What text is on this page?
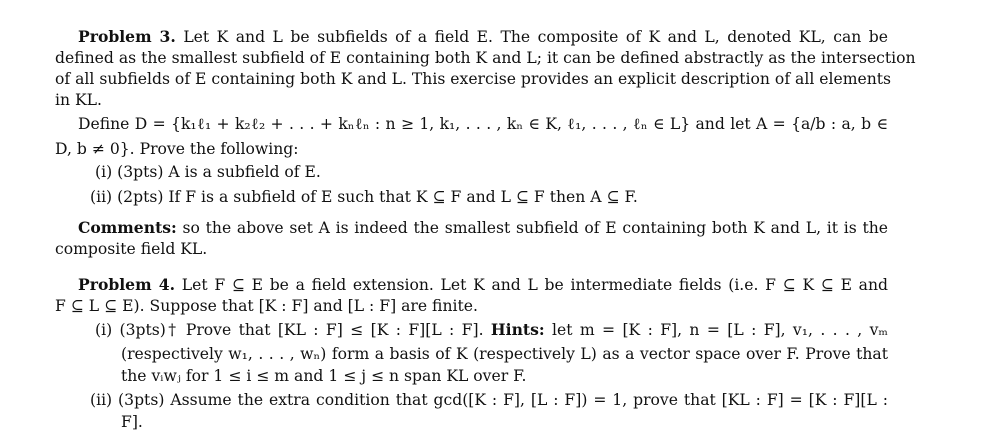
Problem 3. Let K and L be subfields of a field E. The composite of K and L, denoted KL, can be
defined as the smallest subfield of E containing both K and L; it can be defined abstractly as the intersection
of all subfields of E containing both K and L. This exercise provides an explicit description of all elements
in KL.
Define D = {k₁ℓ₁ + k₂ℓ₂ + . . . + kₙℓₙ : n ≥ 1, k₁, . . . , kₙ ∈ K, ℓ₁, . . . , ℓₙ ∈ L} and let A = {a/b : a, b ∈
D, b ≠ 0}. Prove the following:
(i) (3pts) A is a subfield of E.
(ii) (2pts) If F is a subfield of E such that K ⊆ F and L ⊆ F then A ⊆ F.
Comments: so the above set A is indeed the smallest subfield of E containing both K and L, it is the
composite field KL.
Problem 4. Let F ⊆ E be a field extension. Let K and L be intermediate fields (i.e. F ⊆ K ⊆ E and
F ⊆ L ⊆ E). Suppose that [K : F] and [L : F] are finite.
(i) (3pts)† Prove that [KL : F] ≤ [K : F][L : F]. Hints: let m = [K : F], n = [L : F], v₁, . . . , vₘ
(respectively w₁, . . . , wₙ) form a basis of K (respectively L) as a vector space over F. Prove that
the vᵢwⱼ for 1 ≤ i ≤ m and 1 ≤ j ≤ n span KL over F.
(ii) (3pts) Assume the extra condition that gcd([K : F], [L : F]) = 1, prove that [KL : F] = [K : F][L :
F].
